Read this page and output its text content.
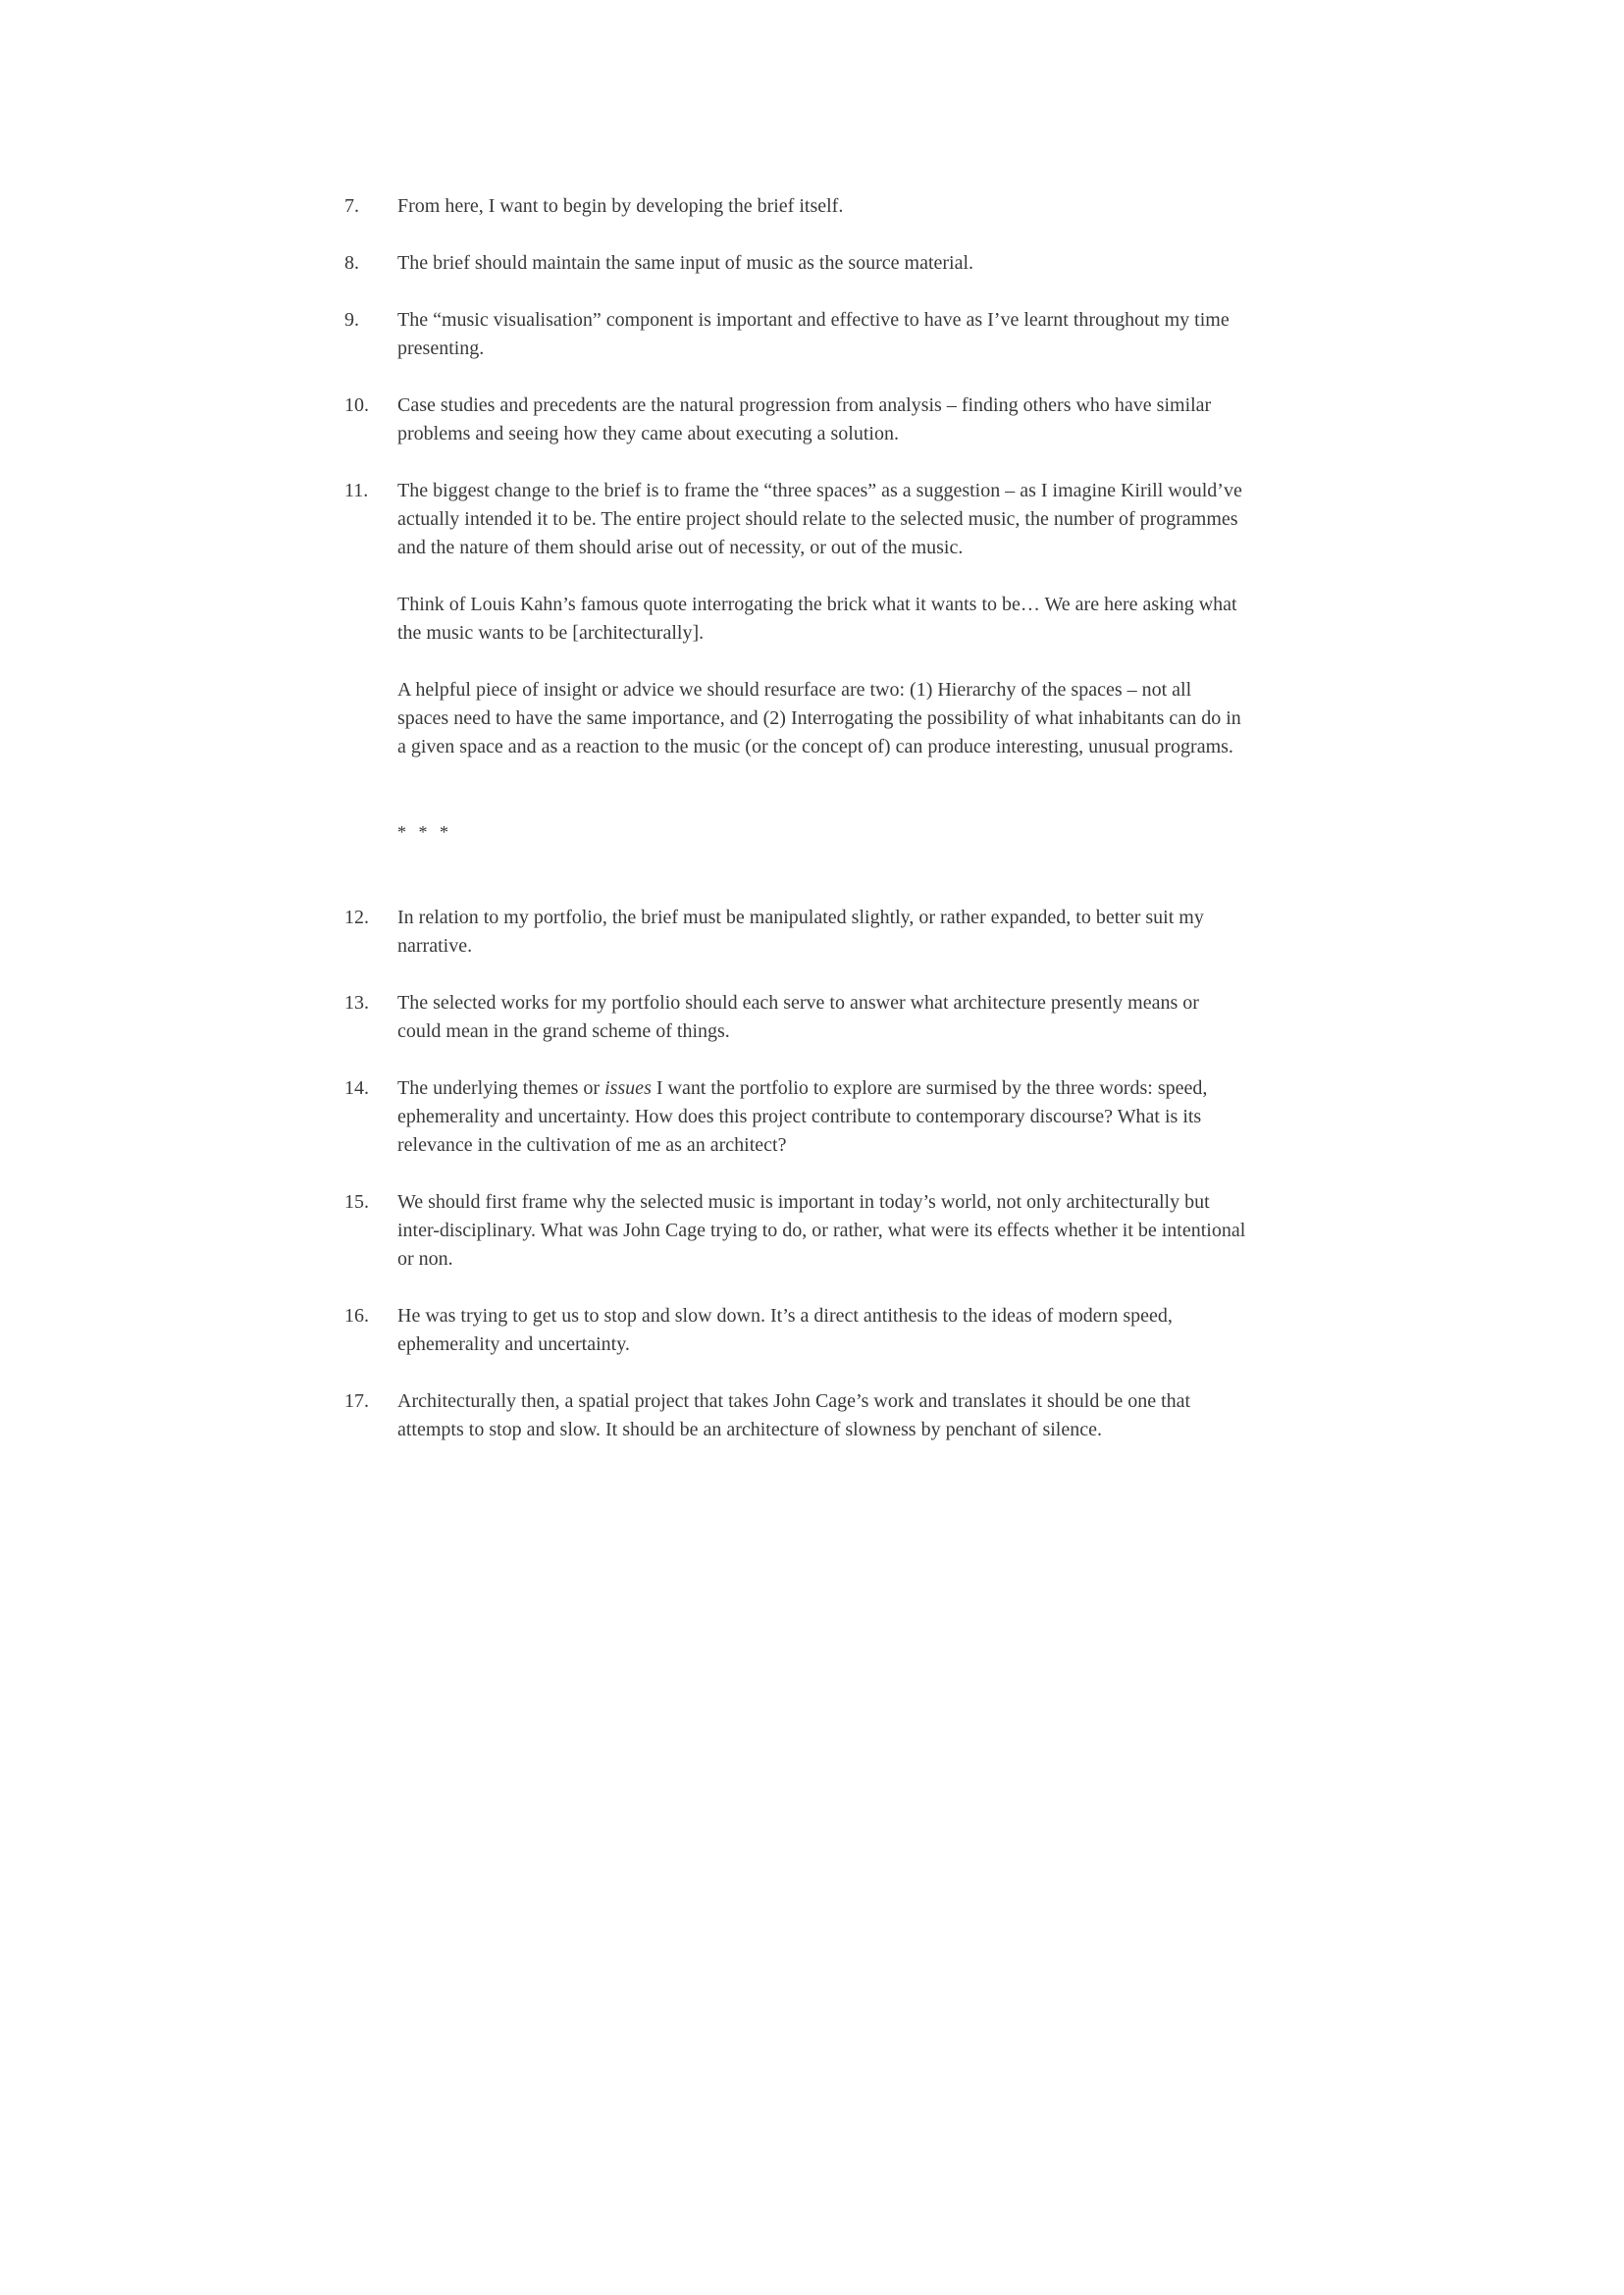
7. From here, I want to begin by developing the brief itself.

8. The brief should maintain the same input of music as the source material.

9. The “music visualisation” component is important and effective to have as I’ve learnt throughout my time presenting.

10. Case studies and precedents are the natural progression from analysis – finding others who have similar problems and seeing how they came about executing a solution.

11. The biggest change to the brief is to frame the “three spaces” as a suggestion – as I imagine Kirill would’ve actually intended it to be. The entire project should relate to the selected music, the number of programmes and the nature of them should arise out of necessity, or out of the music.

Think of Louis Kahn’s famous quote interrogating the brick what it wants to be… We are here asking what the music wants to be [architecturally].

A helpful piece of insight or advice we should resurface are two: (1) Hierarchy of the spaces – not all spaces need to have the same importance, and (2) Interrogating the possibility of what inhabitants can do in a given space and as a reaction to the music (or the concept of) can produce interesting, unusual programs.

* * *
12. In relation to my portfolio, the brief must be manipulated slightly, or rather expanded, to better suit my narrative.

13. The selected works for my portfolio should each serve to answer what architecture presently means or could mean in the grand scheme of things.

14. The underlying themes or issues I want the portfolio to explore are surmised by the three words: speed, ephemerality and uncertainty. How does this project contribute to contemporary discourse? What is its relevance in the cultivation of me as an architect?

15. We should first frame why the selected music is important in today’s world, not only architecturally but inter-disciplinary. What was John Cage trying to do, or rather, what were its effects whether it be intentional or non.

16. He was trying to get us to stop and slow down. It’s a direct antithesis to the ideas of modern speed, ephemerality and uncertainty.

17. Architecturally then, a spatial project that takes John Cage’s work and translates it should be one that attempts to stop and slow. It should be an architecture of slowness by penchant of silence.
